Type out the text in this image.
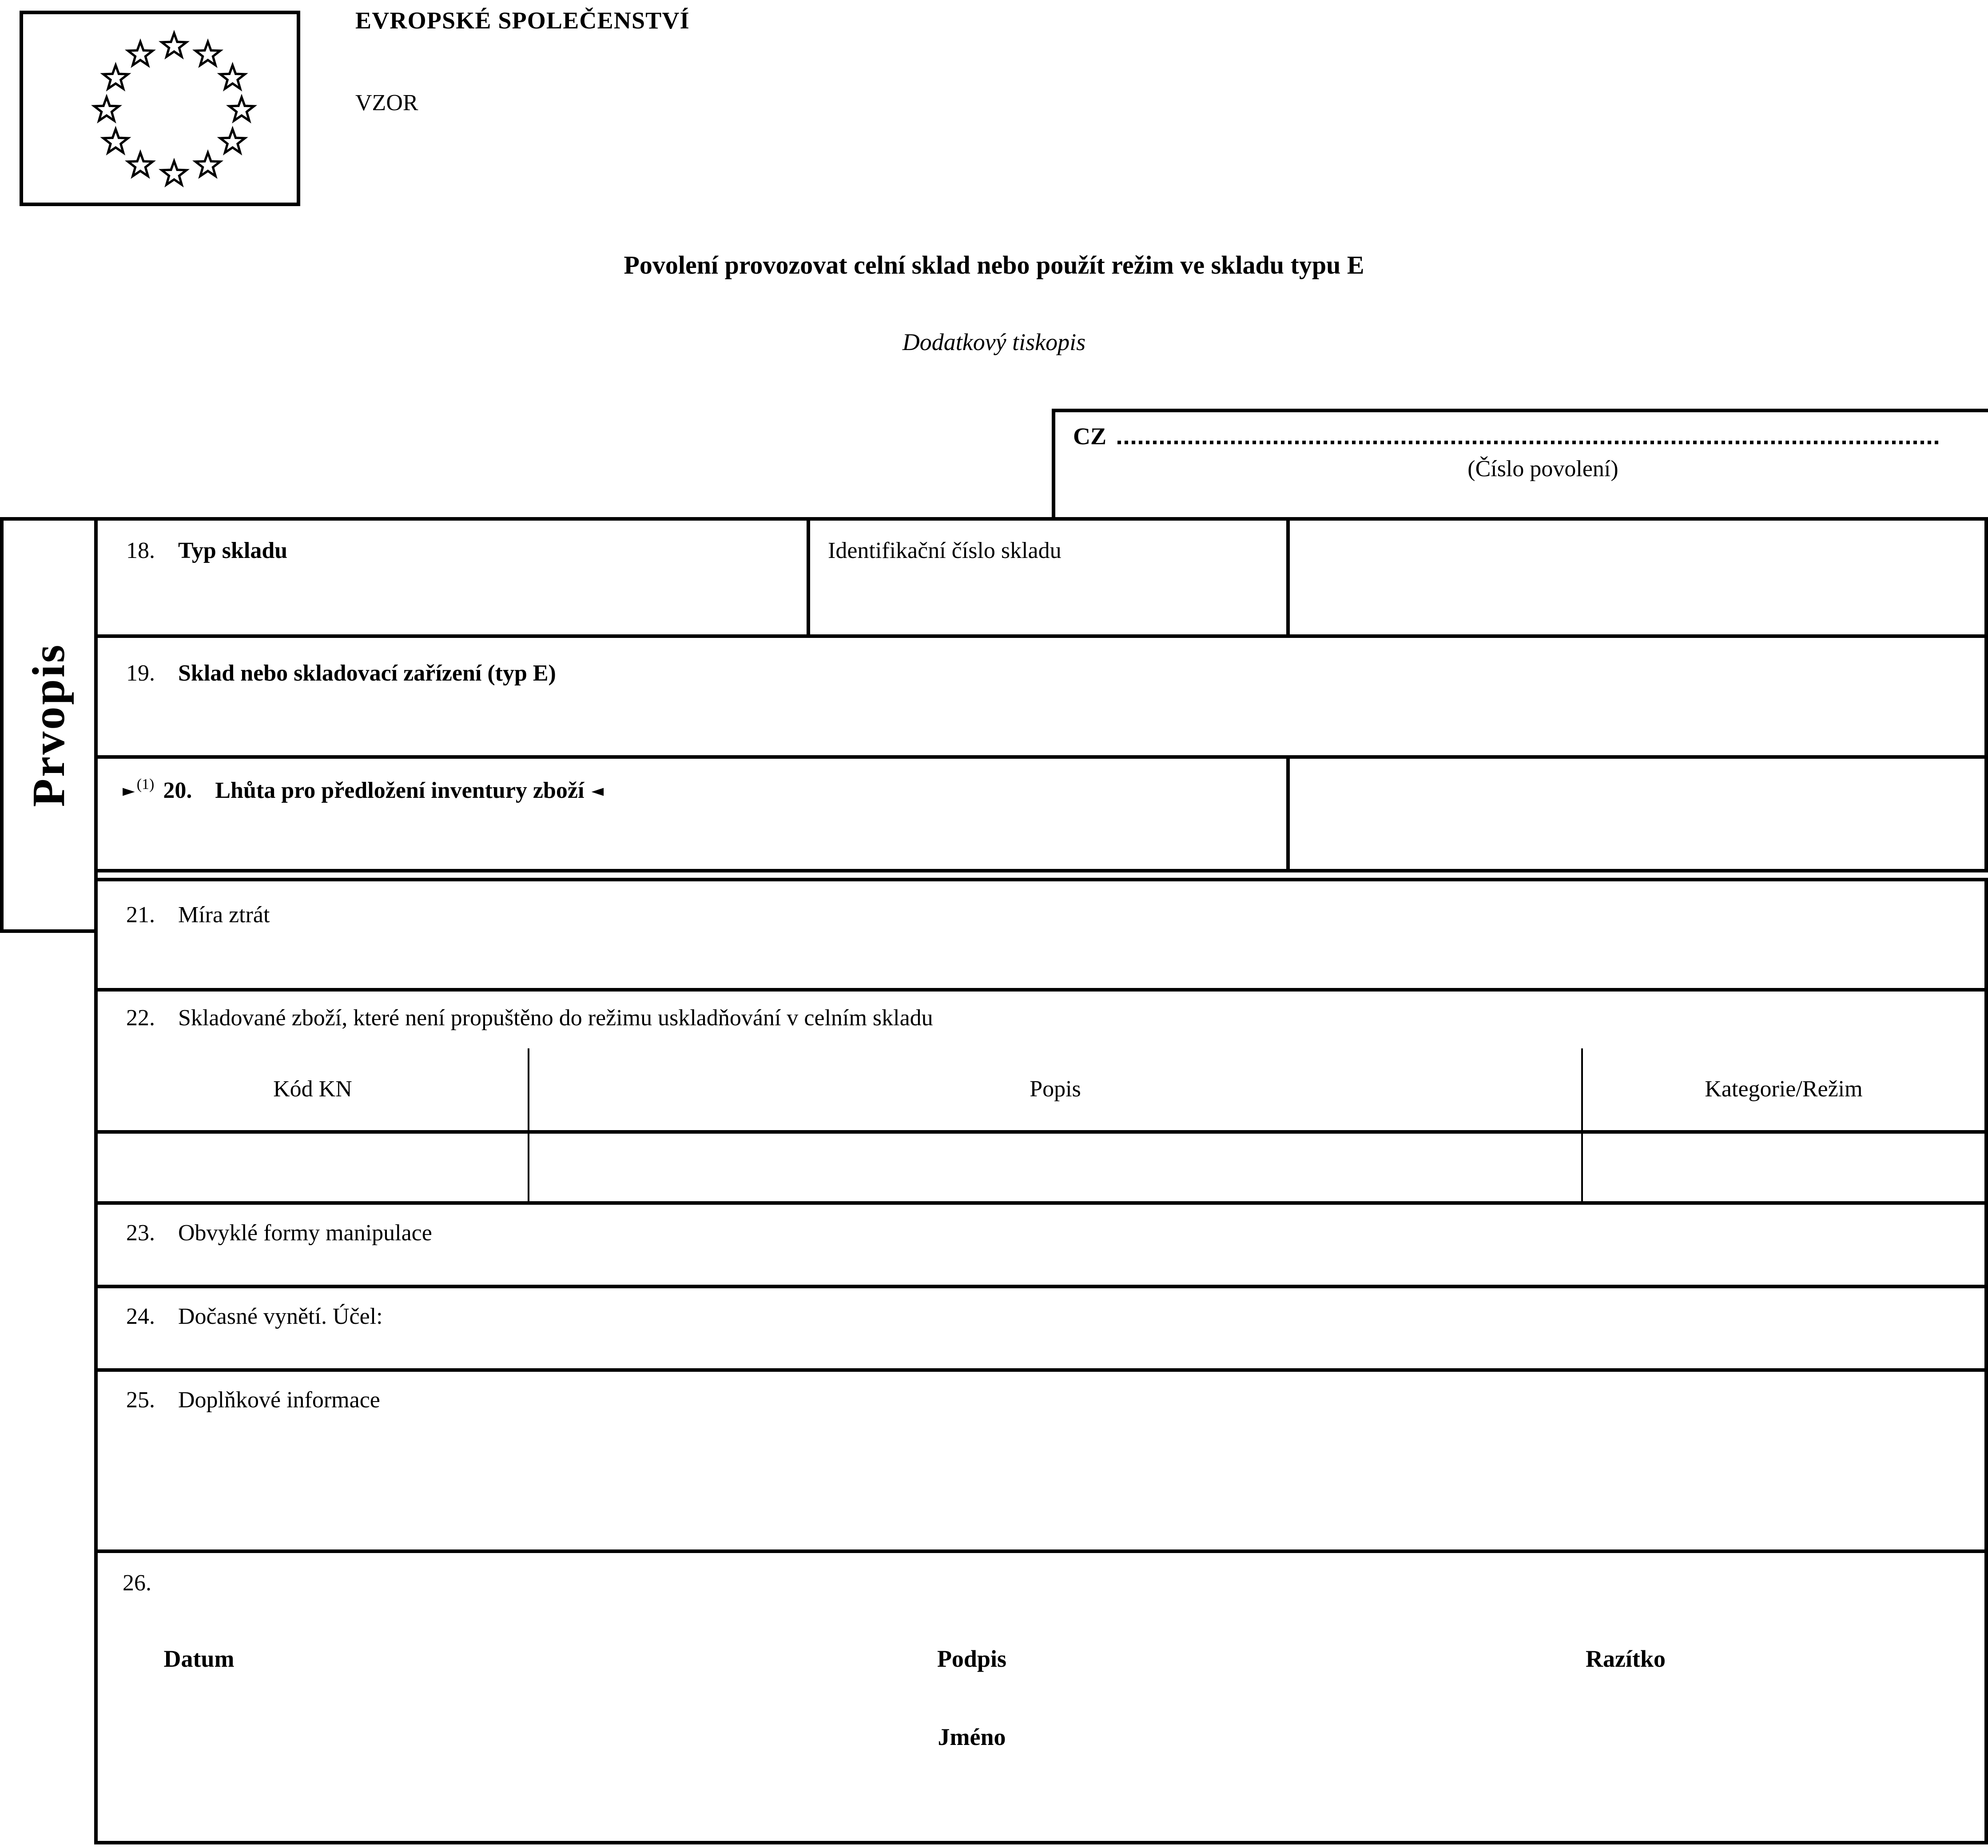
EVROPSKÉ SPOLEČENSTVÍ
VZOR
Povolení provozovat celní sklad nebo použít režim ve skladu typu E
Dodatkový tiskopis
CZ
(Číslo povolení)
Prvopis
18.	Typ skladu	Identifikační číslo skladu
19.	Sklad nebo skladovací zařízení (typ E)
► $^{(1)}$ 20.	Lhůta pro předložení inventury zboží ◄
21.	Míra ztrát
22.	Skladované zboží, které není propuštěno do režimu uskladňování v celním skladu
Kód KN	Popis	Kategorie/Režim
23.	Obvyklé formy manipulace
24.	Dočasné vynětí. Účel:
25.	Doplňkové informace
26.
Datum	Podpis	Razítko
Jméno
